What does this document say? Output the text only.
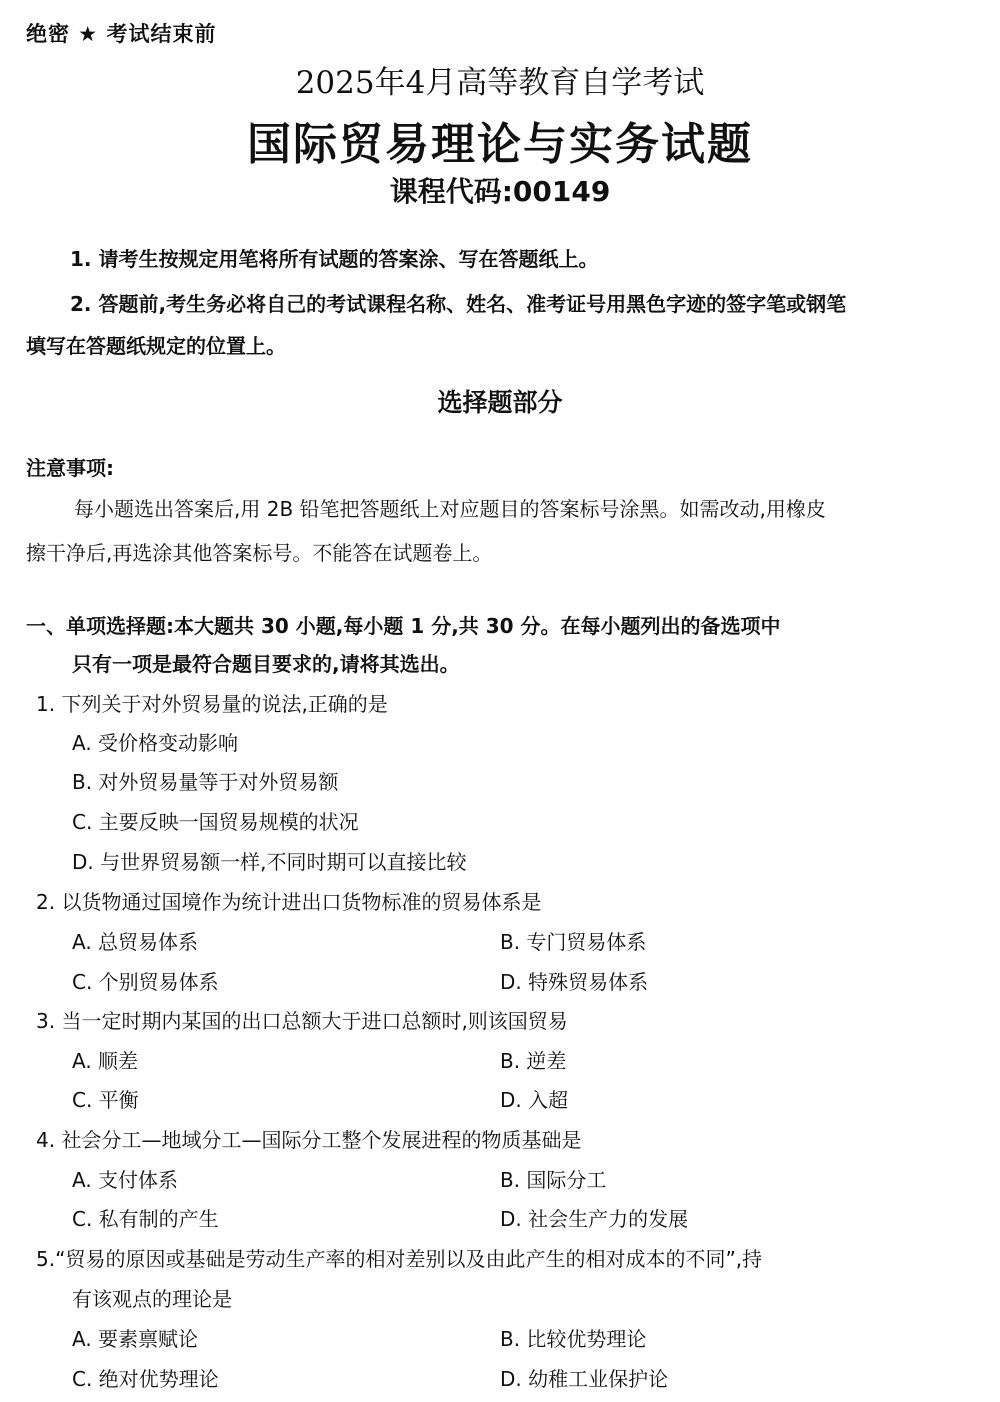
绝密 ★ 考试结束前
2025年4月高等教育自学考试
国际贸易理论与实务试题
课程代码:00149
1. 请考生按规定用笔将所有试题的答案涂、写在答题纸上。
2. 答题前,考生务必将自己的考试课程名称、姓名、准考证号用黑色字迹的签字笔或钢笔
填写在答题纸规定的位置上。
选择题部分
注意事项:
每小题选出答案后,用 2B 铅笔把答题纸上对应题目的答案标号涂黑。如需改动,用橡皮
擦干净后,再选涂其他答案标号。不能答在试题卷上。
一、单项选择题:本大题共 30 小题,每小题 1 分,共 30 分。在每小题列出的备选项中
只有一项是最符合题目要求的,请将其选出。
1. 下列关于对外贸易量的说法,正确的是
A. 受价格变动影响
B. 对外贸易量等于对外贸易额
C. 主要反映一国贸易规模的状况
D. 与世界贸易额一样,不同时期可以直接比较
2. 以货物通过国境作为统计进出口货物标准的贸易体系是
A. 总贸易体系	B. 专门贸易体系
C. 个别贸易体系	D. 特殊贸易体系
3. 当一定时期内某国的出口总额大于进口总额时,则该国贸易
A. 顺差	B. 逆差
C. 平衡	D. 入超
4. 社会分工—地域分工—国际分工整个发展进程的物质基础是
A. 支付体系	B. 国际分工
C. 私有制的产生	D. 社会生产力的发展
5.“贸易的原因或基础是劳动生产率的相对差别以及由此产生的相对成本的不同”,持
有该观点的理论是
A. 要素禀赋论	B. 比较优势理论
C. 绝对优势理论	D. 幼稚工业保护论
